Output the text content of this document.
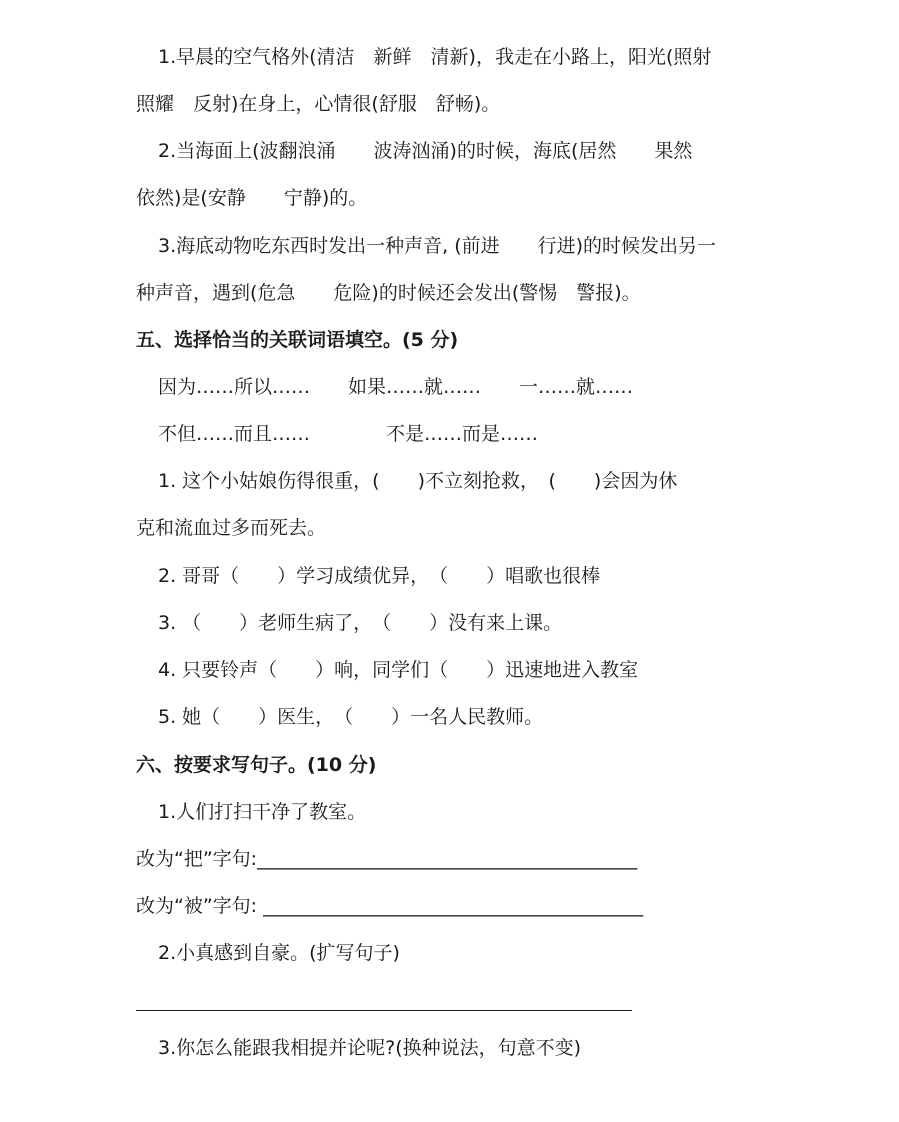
1.早晨的空气格外(清洁　新鲜　清新)，我走在小路上，阳光(照射
照耀　反射)在身上，心情很(舒服　舒畅)。
2.当海面上(波翻浪涌　　波涛汹涌)的时候，海底(居然　　果然
依然)是(安静　　宁静)的。
3.海底动物吃东西时发出一种声音, (前进　　行进)的时候发出另一
种声音，遇到(危急　　危险)的时候还会发出(警惕　警报)。
五、选择恰当的关联词语填空。(5 分)
因为……所以……　　如果……就……　　一……就……
不但……而且……　　　　不是……而是……
1. 这个小姑娘伤得很重，(　　)不立刻抢救，　(　　)会因为休
克和流血过多而死去。
2. 哥哥（　　）学习成绩优异，　（　　）唱歌也很棒
3. （　　）老师生病了，　（　　）没有来上课。
4. 只要铃声（　　）响，同学们（　　）迅速地进入教室
5. 她（　　）医生，　（　　）一名人民教师。
六、按要求写句子。(10 分)
1.人们打扫干净了教室。
改为“把”字句:________________________________________
改为“被”字句: ________________________________________
2.小真感到自豪。(扩写句子)
3.你怎么能跟我相提并论呢?(换种说法，句意不变)
